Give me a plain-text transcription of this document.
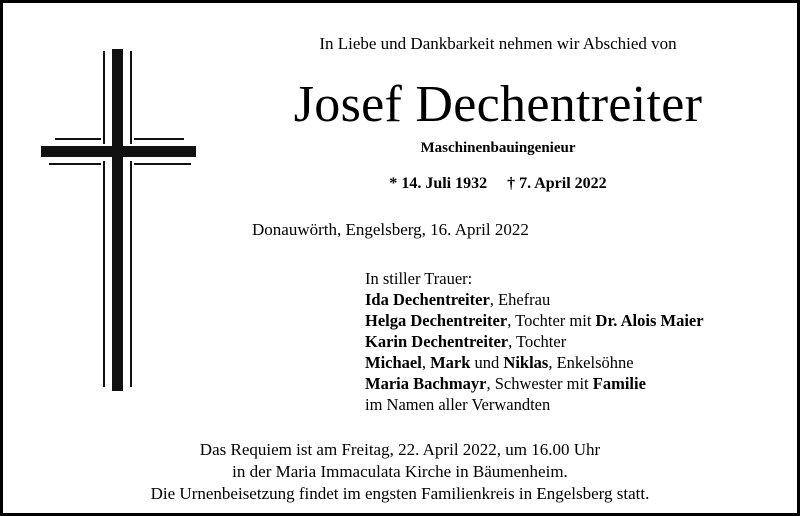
In Liebe und Dankbarkeit nehmen wir Abschied von
Josef Dechentreiter
Maschinenbauingenieur
* 14. Juli 1932 † 7. April 2022
Donauwörth, Engelsberg, 16. April 2022
In stiller Trauer:
Ida Dechentreiter, Ehefrau
Helga Dechentreiter, Tochter mit Dr. Alois Maier
Karin Dechentreiter, Tochter
Michael, Mark und Niklas, Enkelsöhne
Maria Bachmayr, Schwester mit Familie
im Namen aller Verwandten
Das Requiem ist am Freitag, 22. April 2022, um 16.00 Uhr
in der Maria Immaculata Kirche in Bäumenheim.
Die Urnenbeisetzung findet im engsten Familienkreis in Engelsberg statt.
